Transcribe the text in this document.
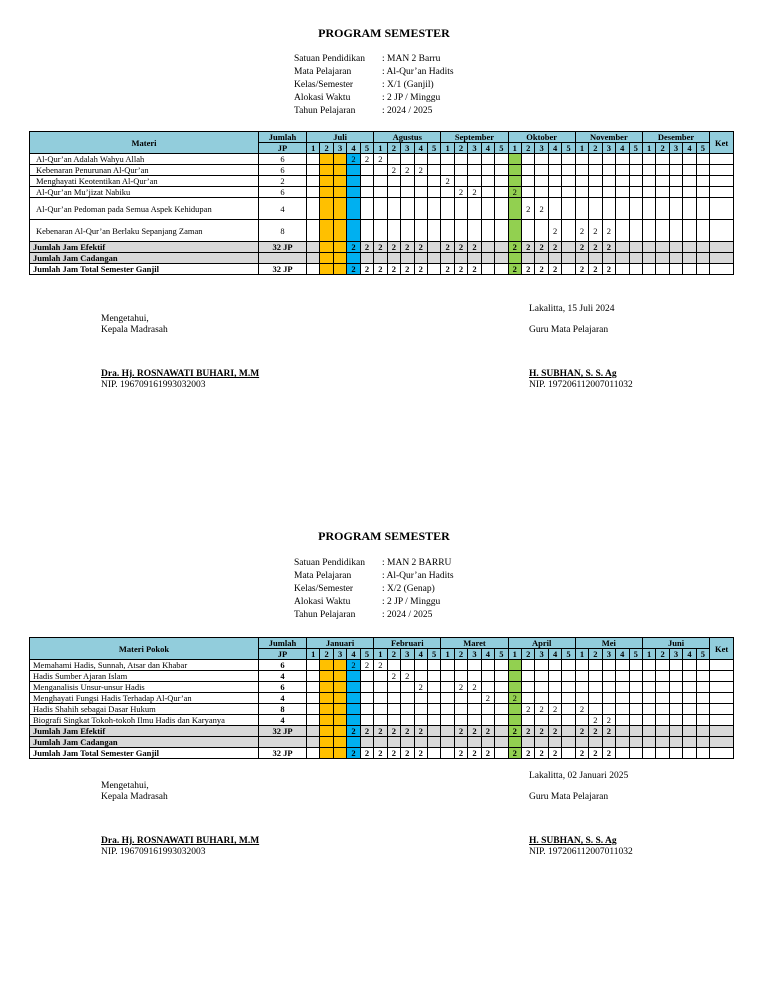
PROGRAM SEMESTER
Satuan Pendidikan	: MAN 2 Barru
Mata Pelajaran	: Al-Qur’an Hadits
Kelas/Semester	: X/1 (Ganjil)
Alokasi Waktu	: 2 JP / Minggu
Tahun Pelajaran	: 2024 / 2025
Materi	Jumlah	Juli					Agustus					September					Oktober					November					Desember					Ket
	JP	1	2	3	4	5	1	2	3	4	5	1	2	3	4	5	1	2	3	4	5	1	2	3	4	5	1	2	3	4	5	
Al-Qur’an Adalah Wahyu Allah	6				2	2	2																									
Kebenaran Penurunan Al-Qur’an	6							2	2	2																						
Menghayati Keotentikan Al-Qur’an	2											2																				
Al-Qur’an Mu’jizat Nabiku	6												2	2			2															
Al-Qur’an Pedoman pada Semua Aspek Kehidupan	4																	2	2													
Kebenaran Al-Qur’an Berlaku Sepanjang Zaman	8																			2		2	2	2								
Jumlah Jam Efektif	32 JP				2	2	2	2	2	2		2	2	2			2	2	2	2		2	2	2								
Jumlah Jam Cadangan																																
Jumlah Jam Total Semester Ganjil	32 JP				2	2	2	2	2	2		2	2	2			2	2	2	2		2	2	2								
Lakalitta, 15 Juli 2024
Mengetahui,
Kepala Madrasah	Guru Mata Pelajaran
Dra. Hj. ROSNAWATI BUHARI, M.M
NIP. 196709161993032003
H. SUBHAN, S. S. Ag
NIP. 197206112007011032
PROGRAM SEMESTER
Satuan Pendidikan	: MAN 2 BARRU
Mata Pelajaran	: Al-Qur’an Hadits
Kelas/Semester	: X/2 (Genap)
Alokasi Waktu	: 2 JP / Minggu
Tahun Pelajaran	: 2024 / 2025
Materi Pokok	Jumlah	Januari					Februari					Maret					April					Mei					Juni					Ket
	JP	1	2	3	4	5	1	2	3	4	5	1	2	3	4	5	1	2	3	4	5	1	2	3	4	5	1	2	3	4	5	
Memahami Hadis, Sunnah, Atsar dan Khabar	6				2	2	2																									
Hadis Sumber Ajaran Islam	4							2	2																							
Menganalisis Unsur-unsur Hadis	6									2			2	2																		
Menghayati Fungsi Hadis Terhadap Al-Qur’an	4														2		2															
Hadis Shahih sebagai Dasar Hukum	8																	2	2	2		2										
Biografi Singkat Tokoh-tokoh Ilmu Hadis dan Karyanya	4																						2	2								
Jumlah Jam Efektif	32 JP				2	2	2	2	2	2			2	2	2		2	2	2	2		2	2	2								
Jumlah Jam Cadangan																																
Jumlah Jam Total Semester Ganjil	32 JP				2	2	2	2	2	2			2	2	2		2	2	2	2		2	2	2								
Lakalitta, 02 Januari 2025
Mengetahui,
Kepala Madrasah	Guru Mata Pelajaran
Dra. Hj. ROSNAWATI BUHARI, M.M
NIP. 196709161993032003
H. SUBHAN, S. S. Ag
NIP. 197206112007011032
